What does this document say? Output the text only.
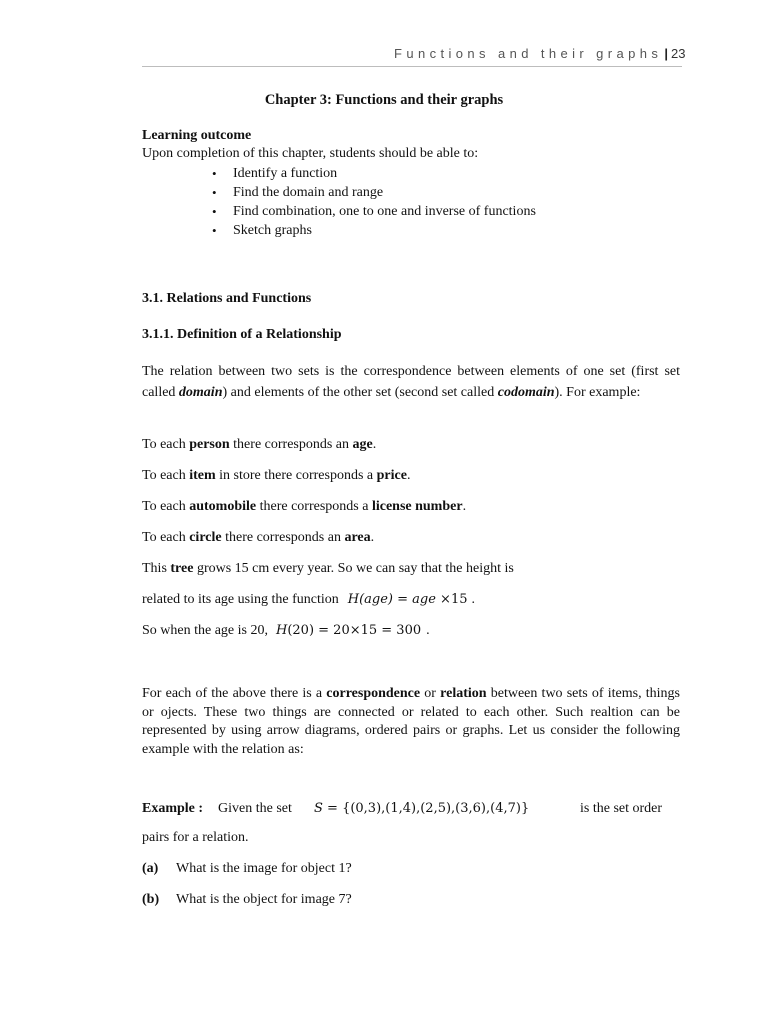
Functions and their graphs | 23
Chapter 3: Functions and their graphs
Learning outcome
Upon completion of this chapter, students should be able to:
• Identify a function
• Find the domain and range
• Find combination, one to one and inverse of functions
• Sketch graphs
3.1. Relations and Functions
3.1.1. Definition of a Relationship
The relation between two sets is the correspondence between elements of one set (first set called domain) and elements of the other set (second set called codomain). For example:
To each person there corresponds an age.
To each item in store there corresponds a price.
To each automobile there corresponds a license number.
To each circle there corresponds an area.
This tree grows 15 cm every year. So we can say that the height is
related to its age using the function H(age) = age ×15 .
So when the age is 20, H(20) = 20×15 = 300 .
For each of the above there is a correspondence or relation between two sets of items, things or ojects. These two things are connected or related to each other. Such realtion can be represented by using arrow diagrams, ordered pairs or graphs. Let us consider the following example with the relation as:
Example : Given the set S = {(0,3),(1,4),(2,5),(3,6),(4,7)}	is the set order
pairs for a relation.
(a) What is the image for object 1?
(b) What is the object for image 7?
